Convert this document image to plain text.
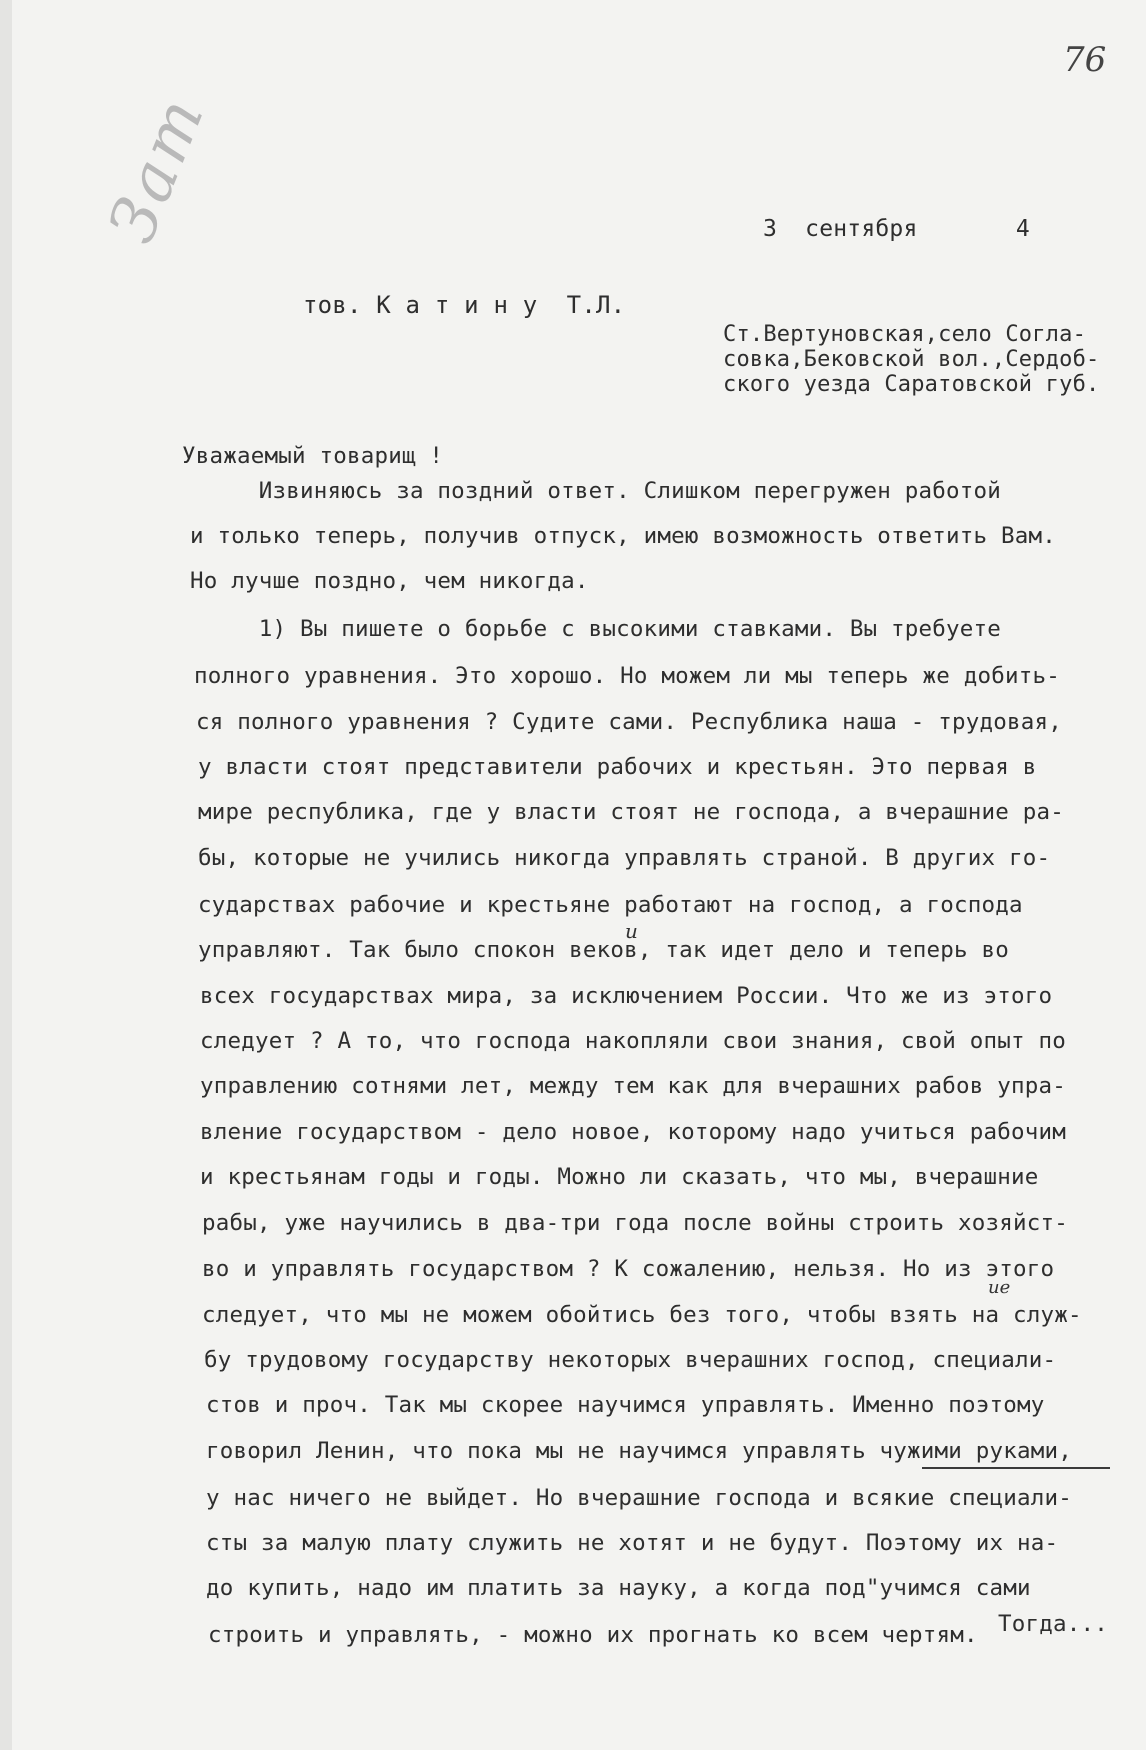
76
Зат	3  сентября       4
тов. К а т и н у  Т.Л.
Ст.Вертуновская,село Согла-
совка,Бековской вол.,Сердоб-
ского уезда Саратовской губ.
Уважаемый товарищ !
Извиняюсь за поздний ответ. Слишком перегружен работой
и только теперь, получив отпуск, имею возможность ответить Вам.
Но лучше поздно, чем никогда.
1) Вы пишете о борьбе с высокими ставками. Вы требуете
полного уравнения. Это хорошо. Но можем ли мы теперь же добить-
ся полного уравнения ? Судите сами. Республика наша - трудовая,
у власти стоят представители рабочих и крестьян. Это первая в
мире республика, где у власти стоят не господа, а вчерашние ра-
бы, которые не учились никогда управлять страной. В других го-
сударствах рабочие и крестьяне работают на господ, а господа
управляют. Так было спокон веков, так идет дело и теперь во
всех государствах мира, за исключением России. Что же из этого
следует ? А то, что господа накопляли свои знания, свой опыт по
управлению сотнями лет, между тем как для вчерашних рабов упра-
вление государством - дело новое, которому надо учиться рабочим
и крестьянам годы и годы. Можно ли сказать, что мы, вчерашние
рабы, уже научились в два-три года после войны строить хозяйст-
во и управлять государством ? К сожалению, нельзя. Но из этого
следует, что мы не можем обойтись без того, чтобы взять на служ-
бу трудовому государству некоторых вчерашних господ, специали-
стов и проч. Так мы скорее научимся управлять. Именно поэтому
говорил Ленин, что пока мы не научимся управлять чужими руками,
у нас ничего не выйдет. Но вчерашние господа и всякие специали-
сты за малую плату служить не хотят и не будут. Поэтому их на-
до купить, надо им платить за науку, а когда под"учимся сами
строить и управлять, - можно их прогнать ко всем чертям. Тогда...
и
ие
